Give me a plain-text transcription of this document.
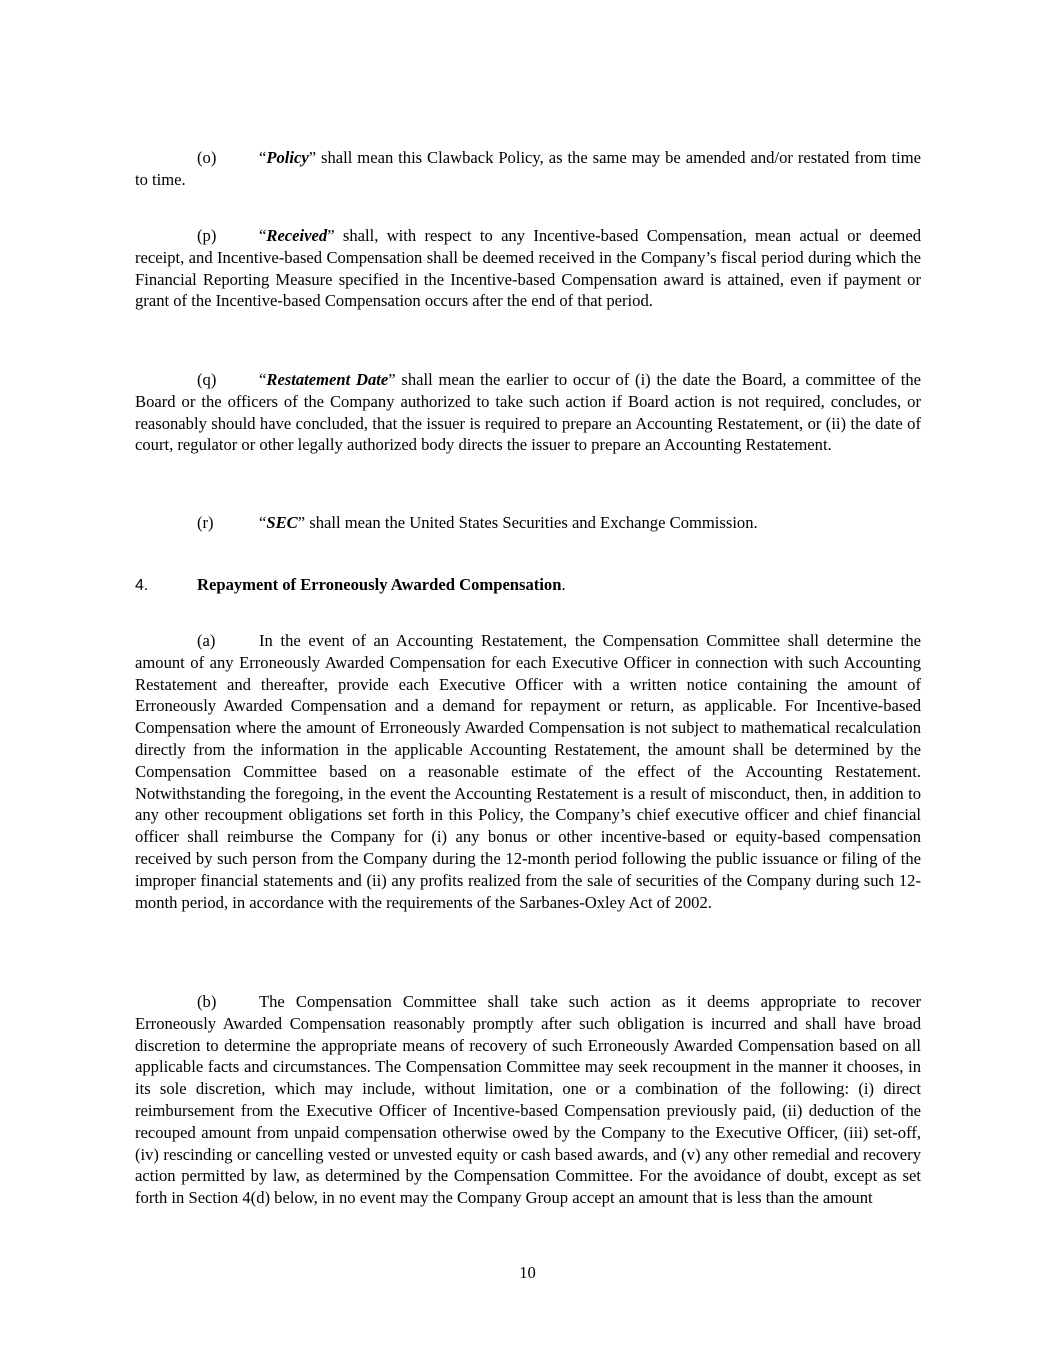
(o)	“Policy” shall mean this Clawback Policy, as the same may be amended and/or restated from time to time.

(p)	“Received” shall, with respect to any Incentive-based Compensation, mean actual or deemed receipt, and Incentive-based Compensation shall be deemed received in the Company’s fiscal period during which the Financial Reporting Measure specified in the Incentive-based Compensation award is attained, even if payment or grant of the Incentive-based Compensation occurs after the end of that period.

(q)	“Restatement Date” shall mean the earlier to occur of (i) the date the Board, a committee of the Board or the officers of the Company authorized to take such action if Board action is not required, concludes, or reasonably should have concluded, that the issuer is required to prepare an Accounting Restatement, or (ii) the date of court, regulator or other legally authorized body directs the issuer to prepare an Accounting Restatement.

(r)	“SEC” shall mean the United States Securities and Exchange Commission.

4.	Repayment of Erroneously Awarded Compensation.

(a)	In the event of an Accounting Restatement, the Compensation Committee shall determine the amount of any Erroneously Awarded Compensation for each Executive Officer in connection with such Accounting Restatement and thereafter, provide each Executive Officer with a written notice containing the amount of Erroneously Awarded Compensation and a demand for repayment or return, as applicable. For Incentive-based Compensation where the amount of Erroneously Awarded Compensation is not subject to mathematical recalculation directly from the information in the applicable Accounting Restatement, the amount shall be determined by the Compensation Committee based on a reasonable estimate of the effect of the Accounting Restatement. Notwithstanding the foregoing, in the event the Accounting Restatement is a result of misconduct, then, in addition to any other recoupment obligations set forth in this Policy, the Company’s chief executive officer and chief financial officer shall reimburse the Company for (i) any bonus or other incentive-based or equity-based compensation received by such person from the Company during the 12-month period following the public issuance or filing of the improper financial statements and (ii) any profits realized from the sale of securities of the Company during such 12-month period, in accordance with the requirements of the Sarbanes-Oxley Act of 2002.

(b)	The Compensation Committee shall take such action as it deems appropriate to recover Erroneously Awarded Compensation reasonably promptly after such obligation is incurred and shall have broad discretion to determine the appropriate means of recovery of such Erroneously Awarded Compensation based on all applicable facts and circumstances. The Compensation Committee may seek recoupment in the manner it chooses, in its sole discretion, which may include, without limitation, one or a combination of the following: (i) direct reimbursement from the Executive Officer of Incentive-based Compensation previously paid, (ii) deduction of the recouped amount from unpaid compensation otherwise owed by the Company to the Executive Officer, (iii) set-off, (iv) rescinding or cancelling vested or unvested equity or cash based awards, and (v) any other remedial and recovery action permitted by law, as determined by the Compensation Committee. For the avoidance of doubt, except as set forth in Section 4(d) below, in no event may the Company Group accept an amount that is less than the amount

10
